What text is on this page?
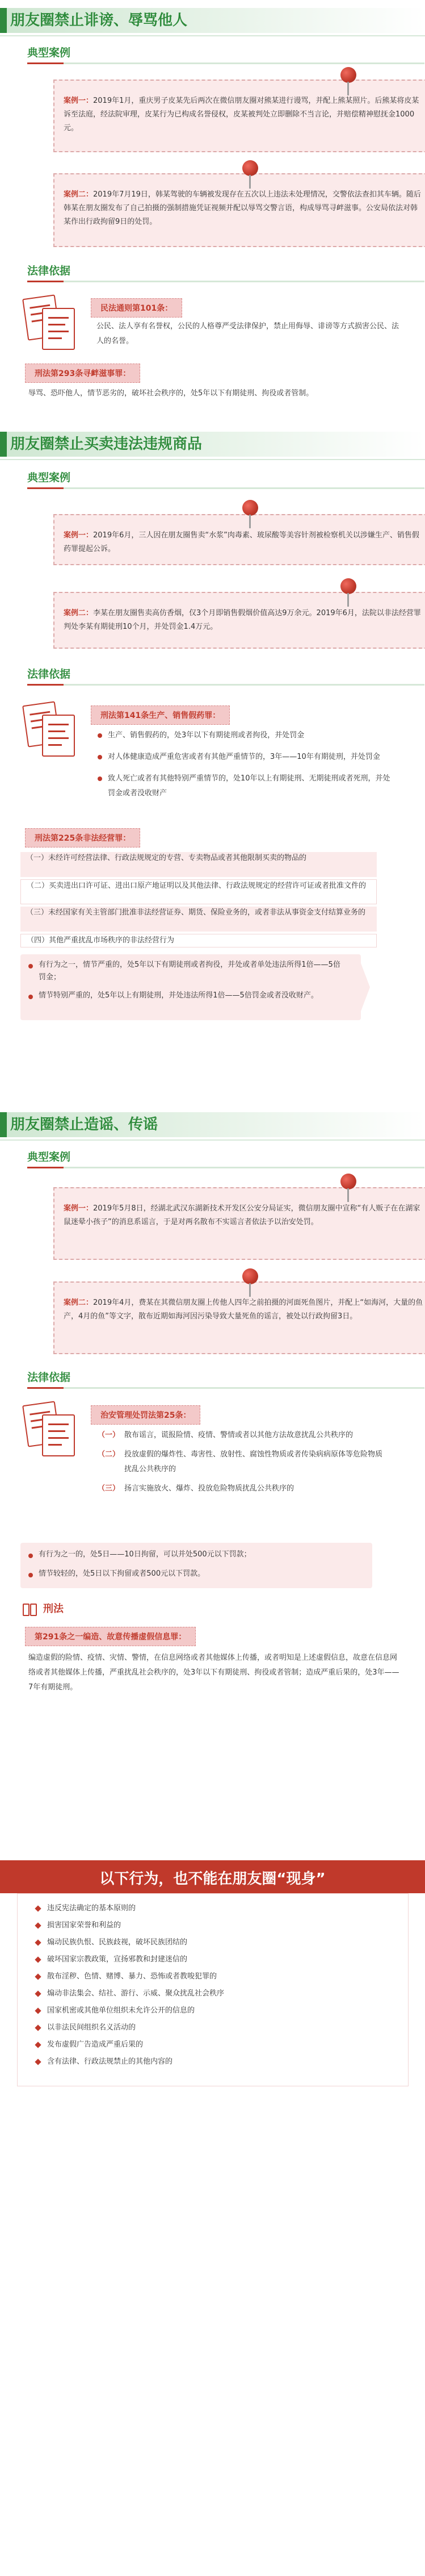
朋友圈禁止诽谤、辱骂他人
典型案例
案例一：2019年1月，重庆男子皮某先后两次在微信朋友圈对熊某进行谩骂，并配上熊某照片。后熊某将皮某诉至法庭，经法院审理，皮某行为已构成名誉侵权，皮某被判处立即删除不当言论，并赔偿精神慰抚金1000元。
案例二：2019年7月19日，韩某驾驶的车辆被发现存在五次以上违法未处理情况，交警依法查扣其车辆。随后韩某在朋友圈发布了自己拍摄的强制措施凭证视频并配以辱骂交警言语，构成辱骂寻衅滋事。公安局依法对韩某作出行政拘留9日的处罚。
法律依据
民法通则第101条：
公民、法人享有名誉权，公民的人格尊严受法律保护，禁止用侮辱、诽谤等方式损害公民、法人的名誉。
刑法第293条寻衅滋事罪：
辱骂、恐吓他人，情节恶劣的，破坏社会秩序的，处5年以下有期徒刑、拘役或者管制。
朋友圈禁止买卖违法违规商品
典型案例
案例一：2019年6月，三人因在朋友圈售卖“水浆”肉毒素、玻尿酸等美容针剂被检察机关以涉嫌生产、销售假药罪提起公诉。
案例二：李某在朋友圈售卖高仿香烟，仅3个月即销售假烟价值高达9万余元。2019年6月，法院以非法经营罪判处李某有期徒刑10个月，并处罚金1.4万元。
法律依据
刑法第141条生产、销售假药罪：
生产、销售假药的，处3年以下有期徒刑或者拘役，并处罚金
对人体健康造成严重危害或者有其他严重情节的，3年——10年有期徒刑，并处罚金
致人死亡或者有其他特别严重情节的，处10年以上有期徒刑、无期徒刑或者死刑，并处罚金或者没收财产
刑法第225条非法经营罪：
（一）未经许可经营法律、行政法规规定的专营、专卖物品或者其他限制买卖的物品的
（二）买卖进出口许可证、进出口原产地证明以及其他法律、行政法规规定的经营许可证或者批准文件的
（三）未经国家有关主管部门批准非法经营证券、期货、保险业务的，或者非法从事资金支付结算业务的
（四）其他严重扰乱市场秩序的非法经营行为
有行为之一，情节严重的，处5年以下有期徒刑或者拘役，并处或者单处违法所得1倍——5倍罚金；
情节特别严重的，处5年以上有期徒刑，并处违法所得1倍——5倍罚金或者没收财产。
朋友圈禁止造谣、传谣
典型案例
案例一：2019年5月8日，经湖北武汉东湖新技术开发区公安分局证实，微信朋友圈中宣称“有人贩子在在湖家鼠迷晕小孩子”的消息系谣言，于是对两名散布不实谣言者依法予以治安处罚。
案例二：2019年4月，费某在其微信朋友圈上传他人四年之前拍摄的河面死鱼图片，并配上“如海河，大量的鱼产，4月的鱼”等文字，散布近期如海河因污染导致大量死鱼的谣言，被处以行政拘留3日。
法律依据
治安管理处罚法第25条：
（一） 散布谣言，谎报险情、疫情、警情或者以其他方法故意扰乱公共秩序的
（二） 投放虚假的爆炸性、毒害性、放射性、腐蚀性物质或者传染病病原体等危险物质扰乱公共秩序的
（三） 扬言实施放火、爆炸、投放危险物质扰乱公共秩序的
有行为之一的，处5日——10日拘留，可以并处500元以下罚款；
情节较轻的，处5日以下拘留或者500元以下罚款。
刑法
第291条之一编造、故意传播虚假信息罪：
编造虚假的险情、疫情、灾情、警情，在信息网络或者其他媒体上传播，或者明知是上述虚假信息，故意在信息网络或者其他媒体上传播，严重扰乱社会秩序的，处3年以下有期徒刑、拘役或者管制；造成严重后果的，处3年——7年有期徒刑。
以下行为，也不能在朋友圈“现身”
违反宪法确定的基本原则的
损害国家荣誉和利益的
煽动民族仇恨、民族歧视，破坏民族团结的
破坏国家宗教政策，宣扬邪教和封建迷信的
散布淫秽、色情、赌博、暴力、恐怖或者教唆犯罪的
煽动非法集会、结社、游行、示威、聚众扰乱社会秩序
国家机密或其他单位组织未允许公开的信息的
以非法民间组织名义活动的
发布虚假广告造成严重后果的
含有法律、行政法规禁止的其他内容的
